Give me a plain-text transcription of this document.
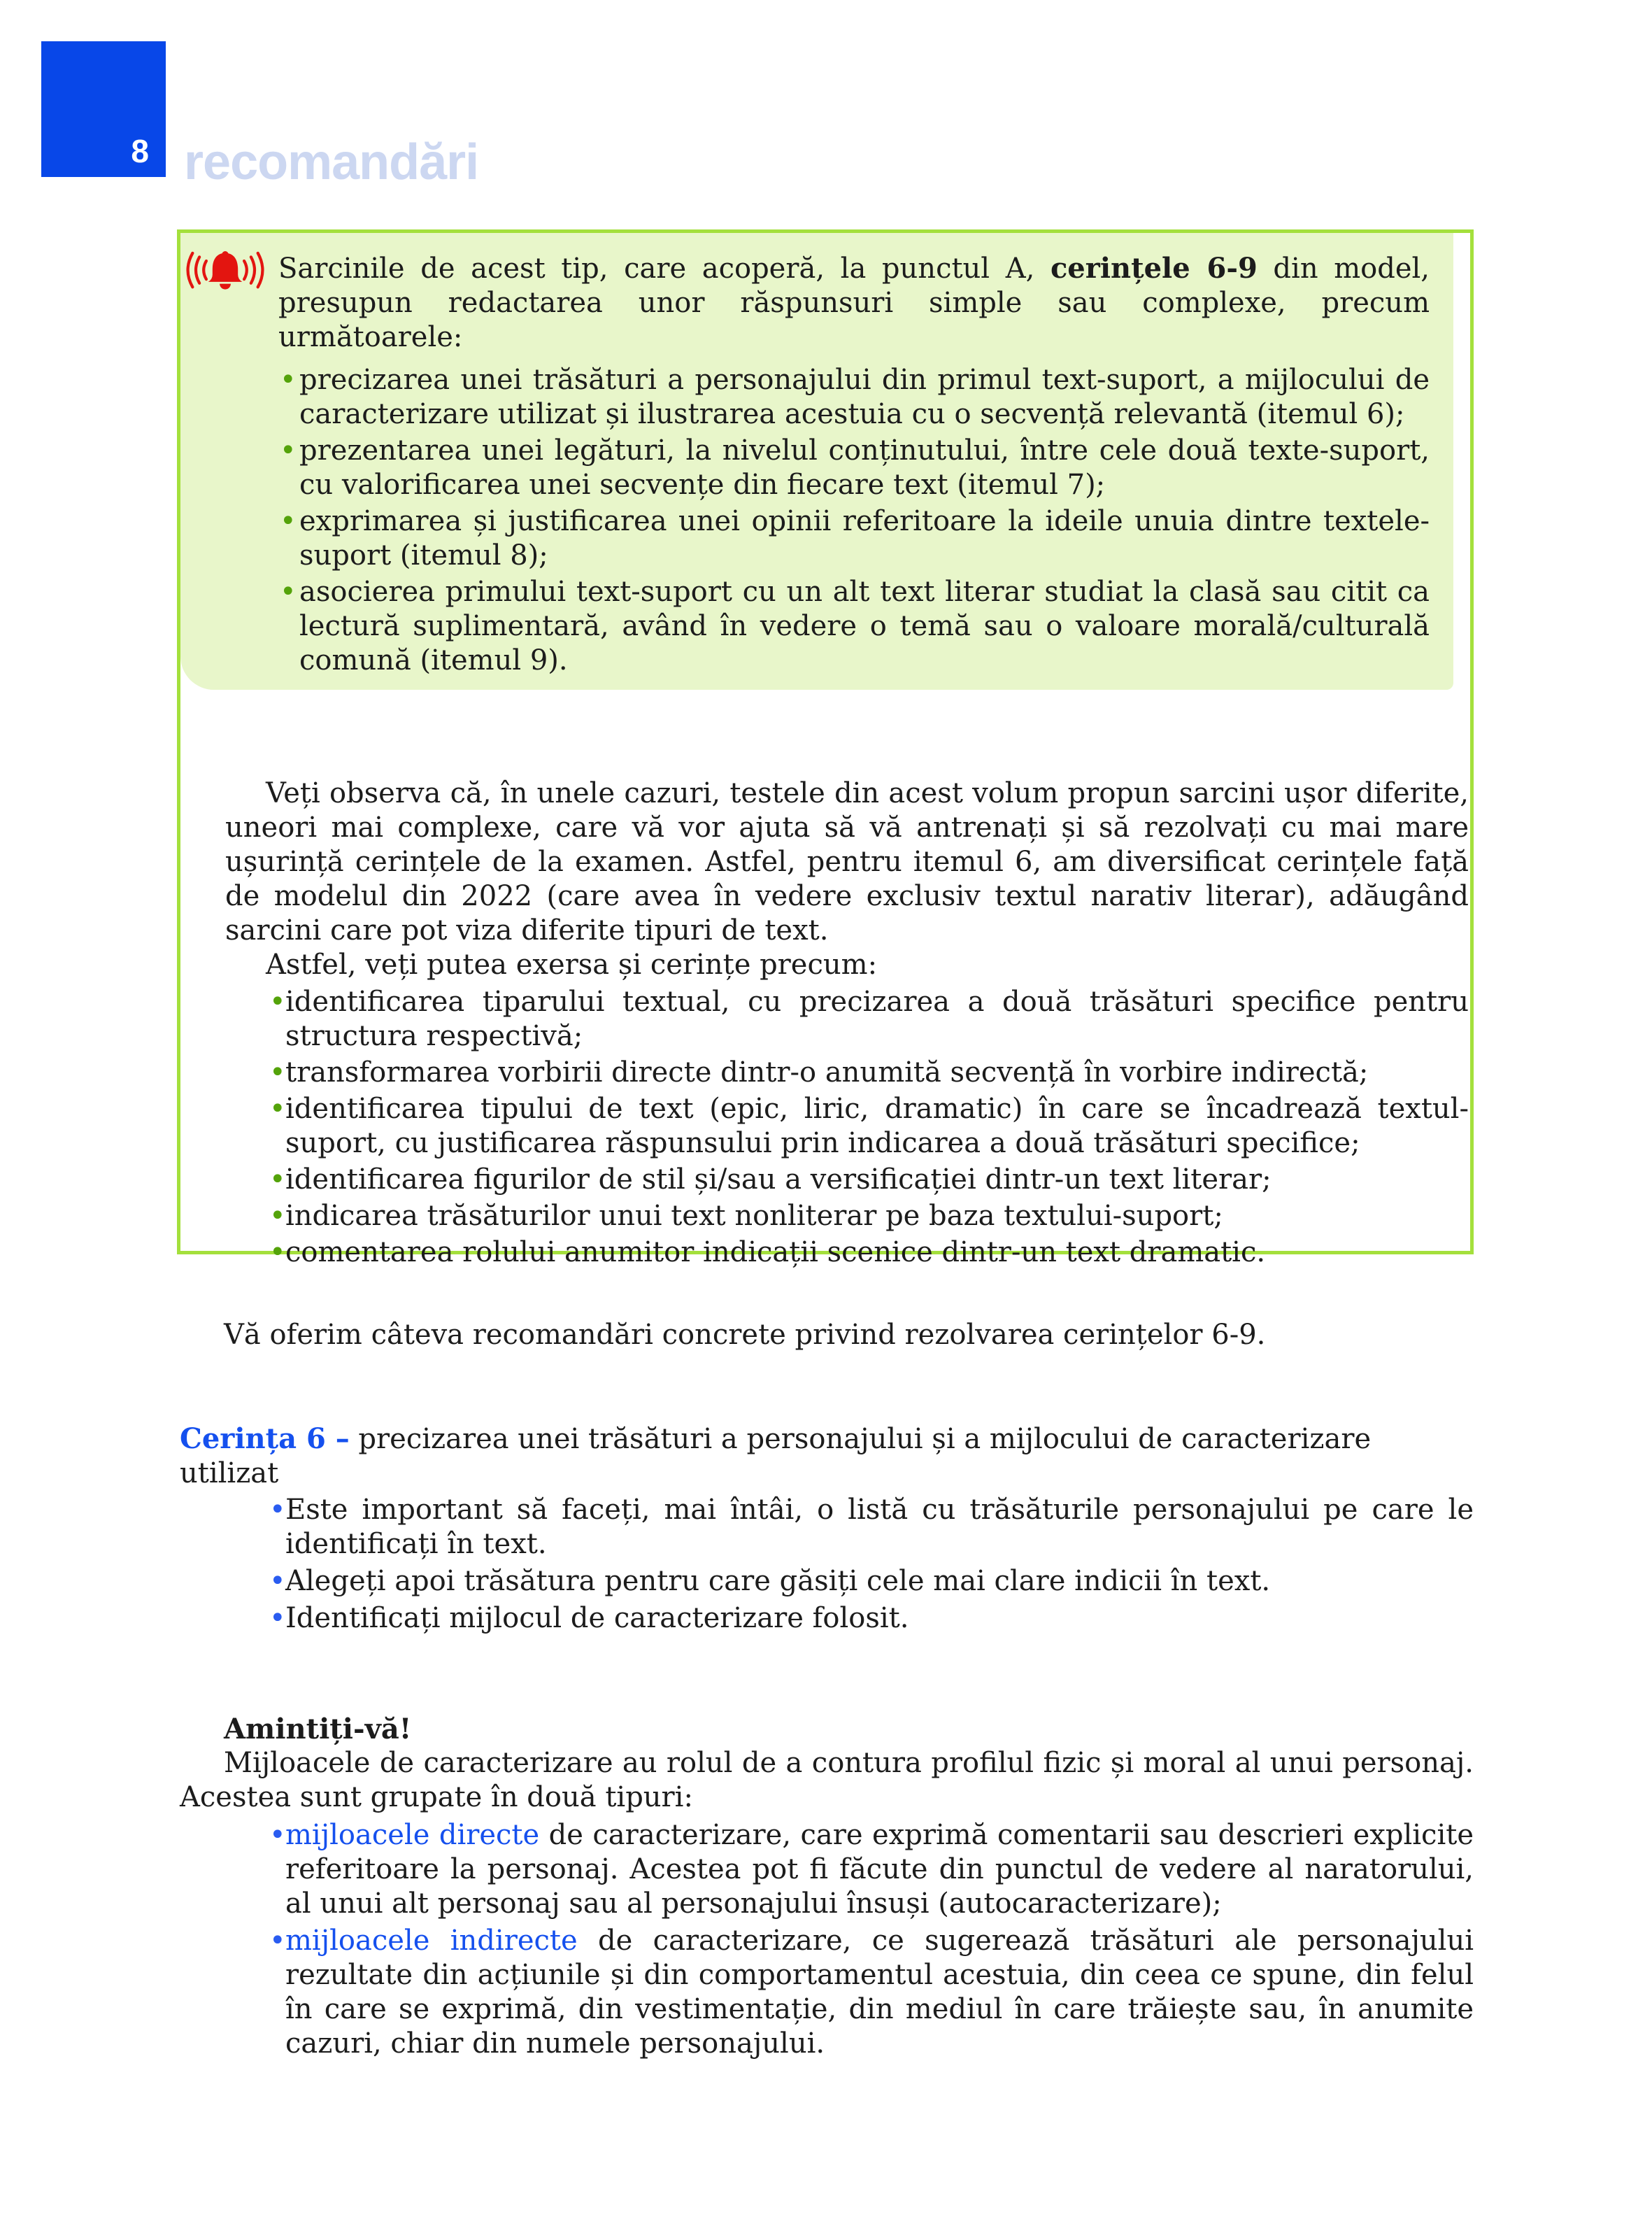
8 recomandări

Sarcinile de acest tip, care acoperă, la punctul A, cerințele 6-9 din model, presupun redactarea unor răspunsuri simple sau complexe, precum următoarele:

• precizarea unei trăsături a personajului din primul text-suport, a mijlocului de caracterizare utilizat și ilustrarea acestuia cu o secvență relevantă (itemul 6);
• prezentarea unei legături, la nivelul conținutului, între cele două texte-suport, cu valorificarea unei secvențe din fiecare text (itemul 7);
• exprimarea și justificarea unei opinii referitoare la ideile unuia dintre textele-suport (itemul 8);
• asocierea primului text-suport cu un alt text literar studiat la clasă sau citit ca lectură suplimentară, având în vedere o temă sau o valoare morală/culturală comună (itemul 9).

Veți observa că, în unele cazuri, testele din acest volum propun sarcini ușor diferite, uneori mai complexe, care vă vor ajuta să vă antrenați și să rezolvați cu mai mare ușurință cerințele de la examen. Astfel, pentru itemul 6, am diversificat cerințele față de modelul din 2022 (care avea în vedere exclusiv textul narativ literar), adăugând sarcini care pot viza diferite tipuri de text.

Astfel, veți putea exersa și cerințe precum:

• identificarea tiparului textual, cu precizarea a două trăsături specifice pentru structura respectivă;
• transformarea vorbirii directe dintr-o anumită secvență în vorbire indirectă;
• identificarea tipului de text (epic, liric, dramatic) în care se încadrează textul-suport, cu justificarea răspunsului prin indicarea a două trăsături specifice;
• identificarea figurilor de stil și/sau a versificației dintr-un text literar;
• indicarea trăsăturilor unui text nonliterar pe baza textului-suport;
• comentarea rolului anumitor indicații scenice dintr-un text dramatic.

Vă oferim câteva recomandări concrete privind rezolvarea cerințelor 6-9.

Cerința 6 – precizarea unei trăsături a personajului și a mijlocului de caracterizare utilizat

• Este important să faceți, mai întâi, o listă cu trăsăturile personajului pe care le identificați în text.
• Alegeți apoi trăsătura pentru care găsiți cele mai clare indicii în text.
• Identificați mijlocul de caracterizare folosit.

Amintiți-vă!

Mijloacele de caracterizare au rolul de a contura profilul fizic și moral al unui personaj. Acestea sunt grupate în două tipuri:

• mijloacele directe de caracterizare, care exprimă comentarii sau descrieri explicite referitoare la personaj. Acestea pot fi făcute din punctul de vedere al naratorului, al unui alt personaj sau al personajului însuși (autocaracterizare);
• mijloacele indirecte de caracterizare, ce sugerează trăsături ale personajului rezultate din acțiunile și din comportamentul acestuia, din ceea ce spune, din felul în care se exprimă, din vestimentație, din mediul în care trăiește sau, în anumite cazuri, chiar din numele personajului.
